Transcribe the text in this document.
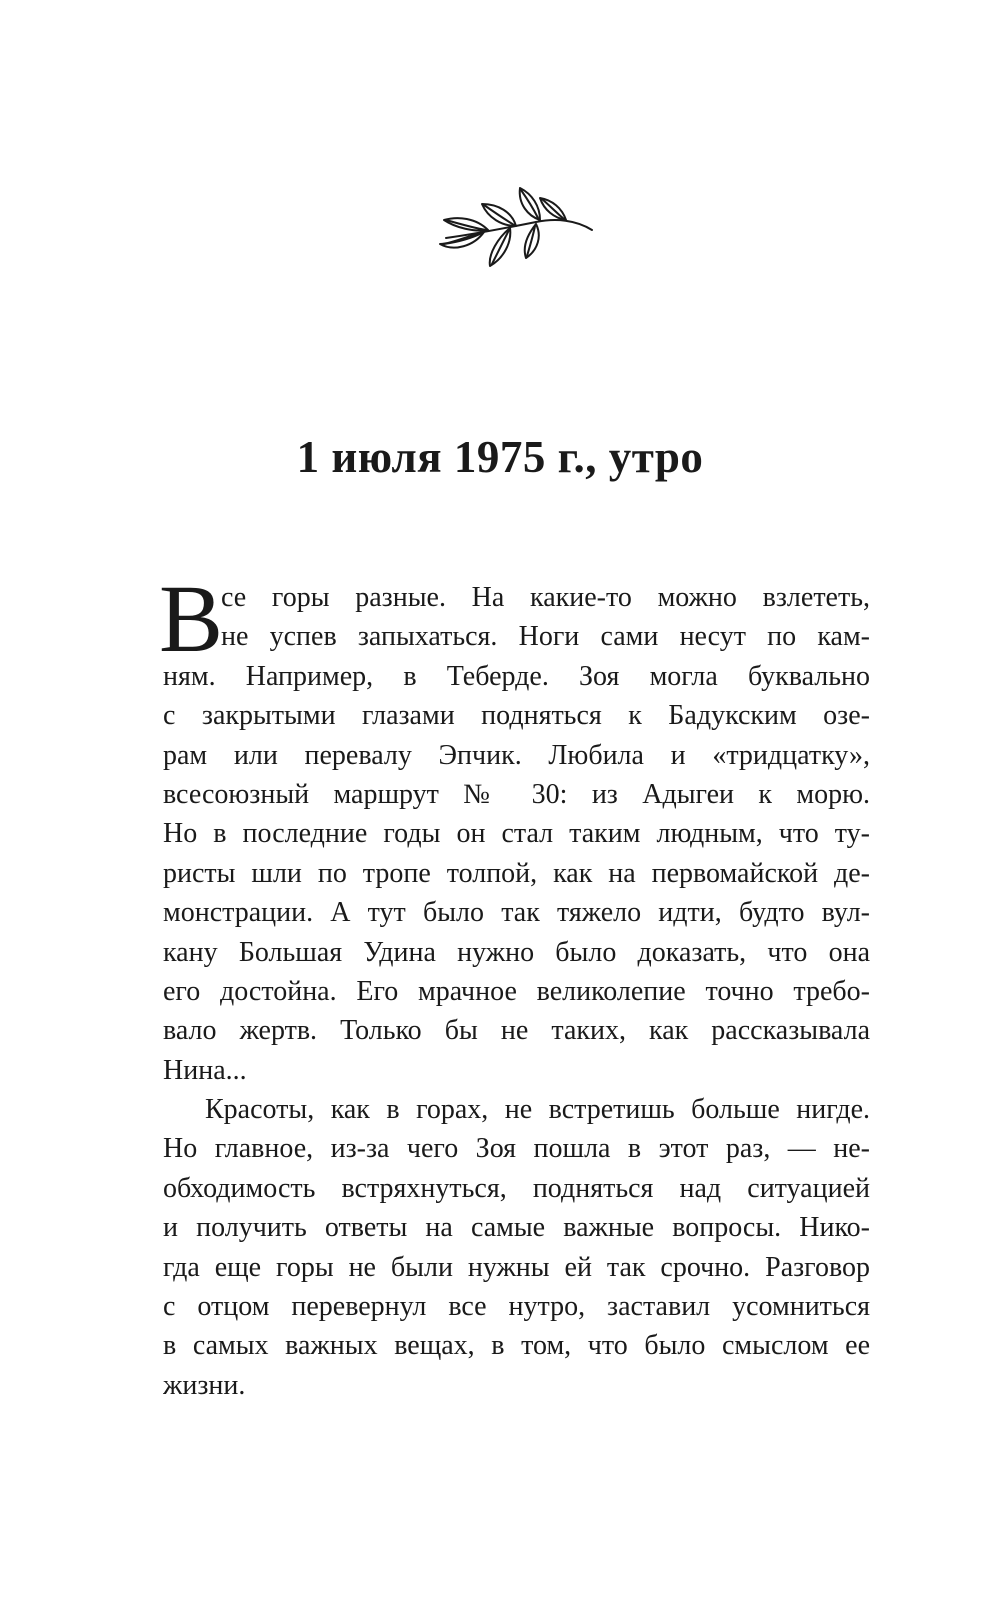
1 июля 1975 г., утро
В
се горы разные. На какие-то можно взлететь,
не успев запыхаться. Ноги сами несут по кам-
ням. Например, в Теберде. Зоя могла буквально
с закрытыми глазами подняться к Бадукским озе-
рам или перевалу Эпчик. Любила и «тридцатку»,
всесоюзный маршрут № 30: из Адыгеи к морю.
Но в последние годы он стал таким людным, что ту-
ристы шли по тропе толпой, как на первомайской де-
монстрации. А тут было так тяжело идти, будто вул-
кану Большая Удина нужно было доказать, что она
его достойна. Его мрачное великолепие точно требо-
вало жертв. Только бы не таких, как рассказывала
Нина...
Красоты, как в горах, не встретишь больше нигде.
Но главное, из-за чего Зоя пошла в этот раз, — не-
обходимость встряхнуться, подняться над ситуацией
и получить ответы на самые важные вопросы. Нико-
гда еще горы не были нужны ей так срочно. Разговор
с отцом перевернул все нутро, заставил усомниться
в самых важных вещах, в том, что было смыслом ее
жизни.
